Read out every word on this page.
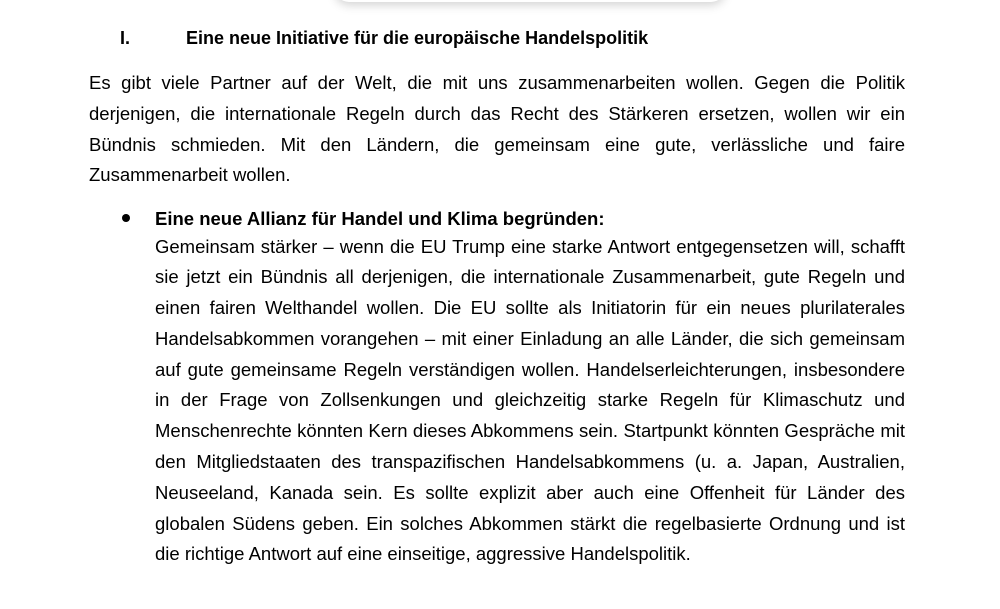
I.	Eine neue Initiative für die europäische Handelspolitik
Es gibt viele Partner auf der Welt, die mit uns zusammenarbeiten wollen. Gegen die Politik derjenigen, die internationale Regeln durch das Recht des Stärkeren ersetzen, wollen wir ein Bündnis schmieden. Mit den Ländern, die gemeinsam eine gute, verlässliche und faire Zusammenarbeit wollen.
Eine neue Allianz für Handel und Klima begründen:
Gemeinsam stärker – wenn die EU Trump eine starke Antwort entgegensetzen will, schafft sie jetzt ein Bündnis all derjenigen, die internationale Zusammenarbeit, gute Regeln und einen fairen Welthandel wollen. Die EU sollte als Initiatorin für ein neues plurilaterales Handelsabkommen vorangehen – mit einer Einladung an alle Länder, die sich gemeinsam auf gute gemeinsame Regeln verständigen wollen. Handelserleichterungen, insbesondere in der Frage von Zollsenkungen und gleichzeitig starke Regeln für Klimaschutz und Menschenrechte könnten Kern dieses Abkommens sein. Startpunkt könnten Gespräche mit den Mitgliedstaaten des transpazifischen Handelsabkommens (u. a. Japan, Australien, Neuseeland, Kanada sein. Es sollte explizit aber auch eine Offenheit für Länder des globalen Südens geben. Ein solches Abkommen stärkt die regelbasierte Ordnung und ist die richtige Antwort auf eine einseitige, aggressive Handelspolitik.
